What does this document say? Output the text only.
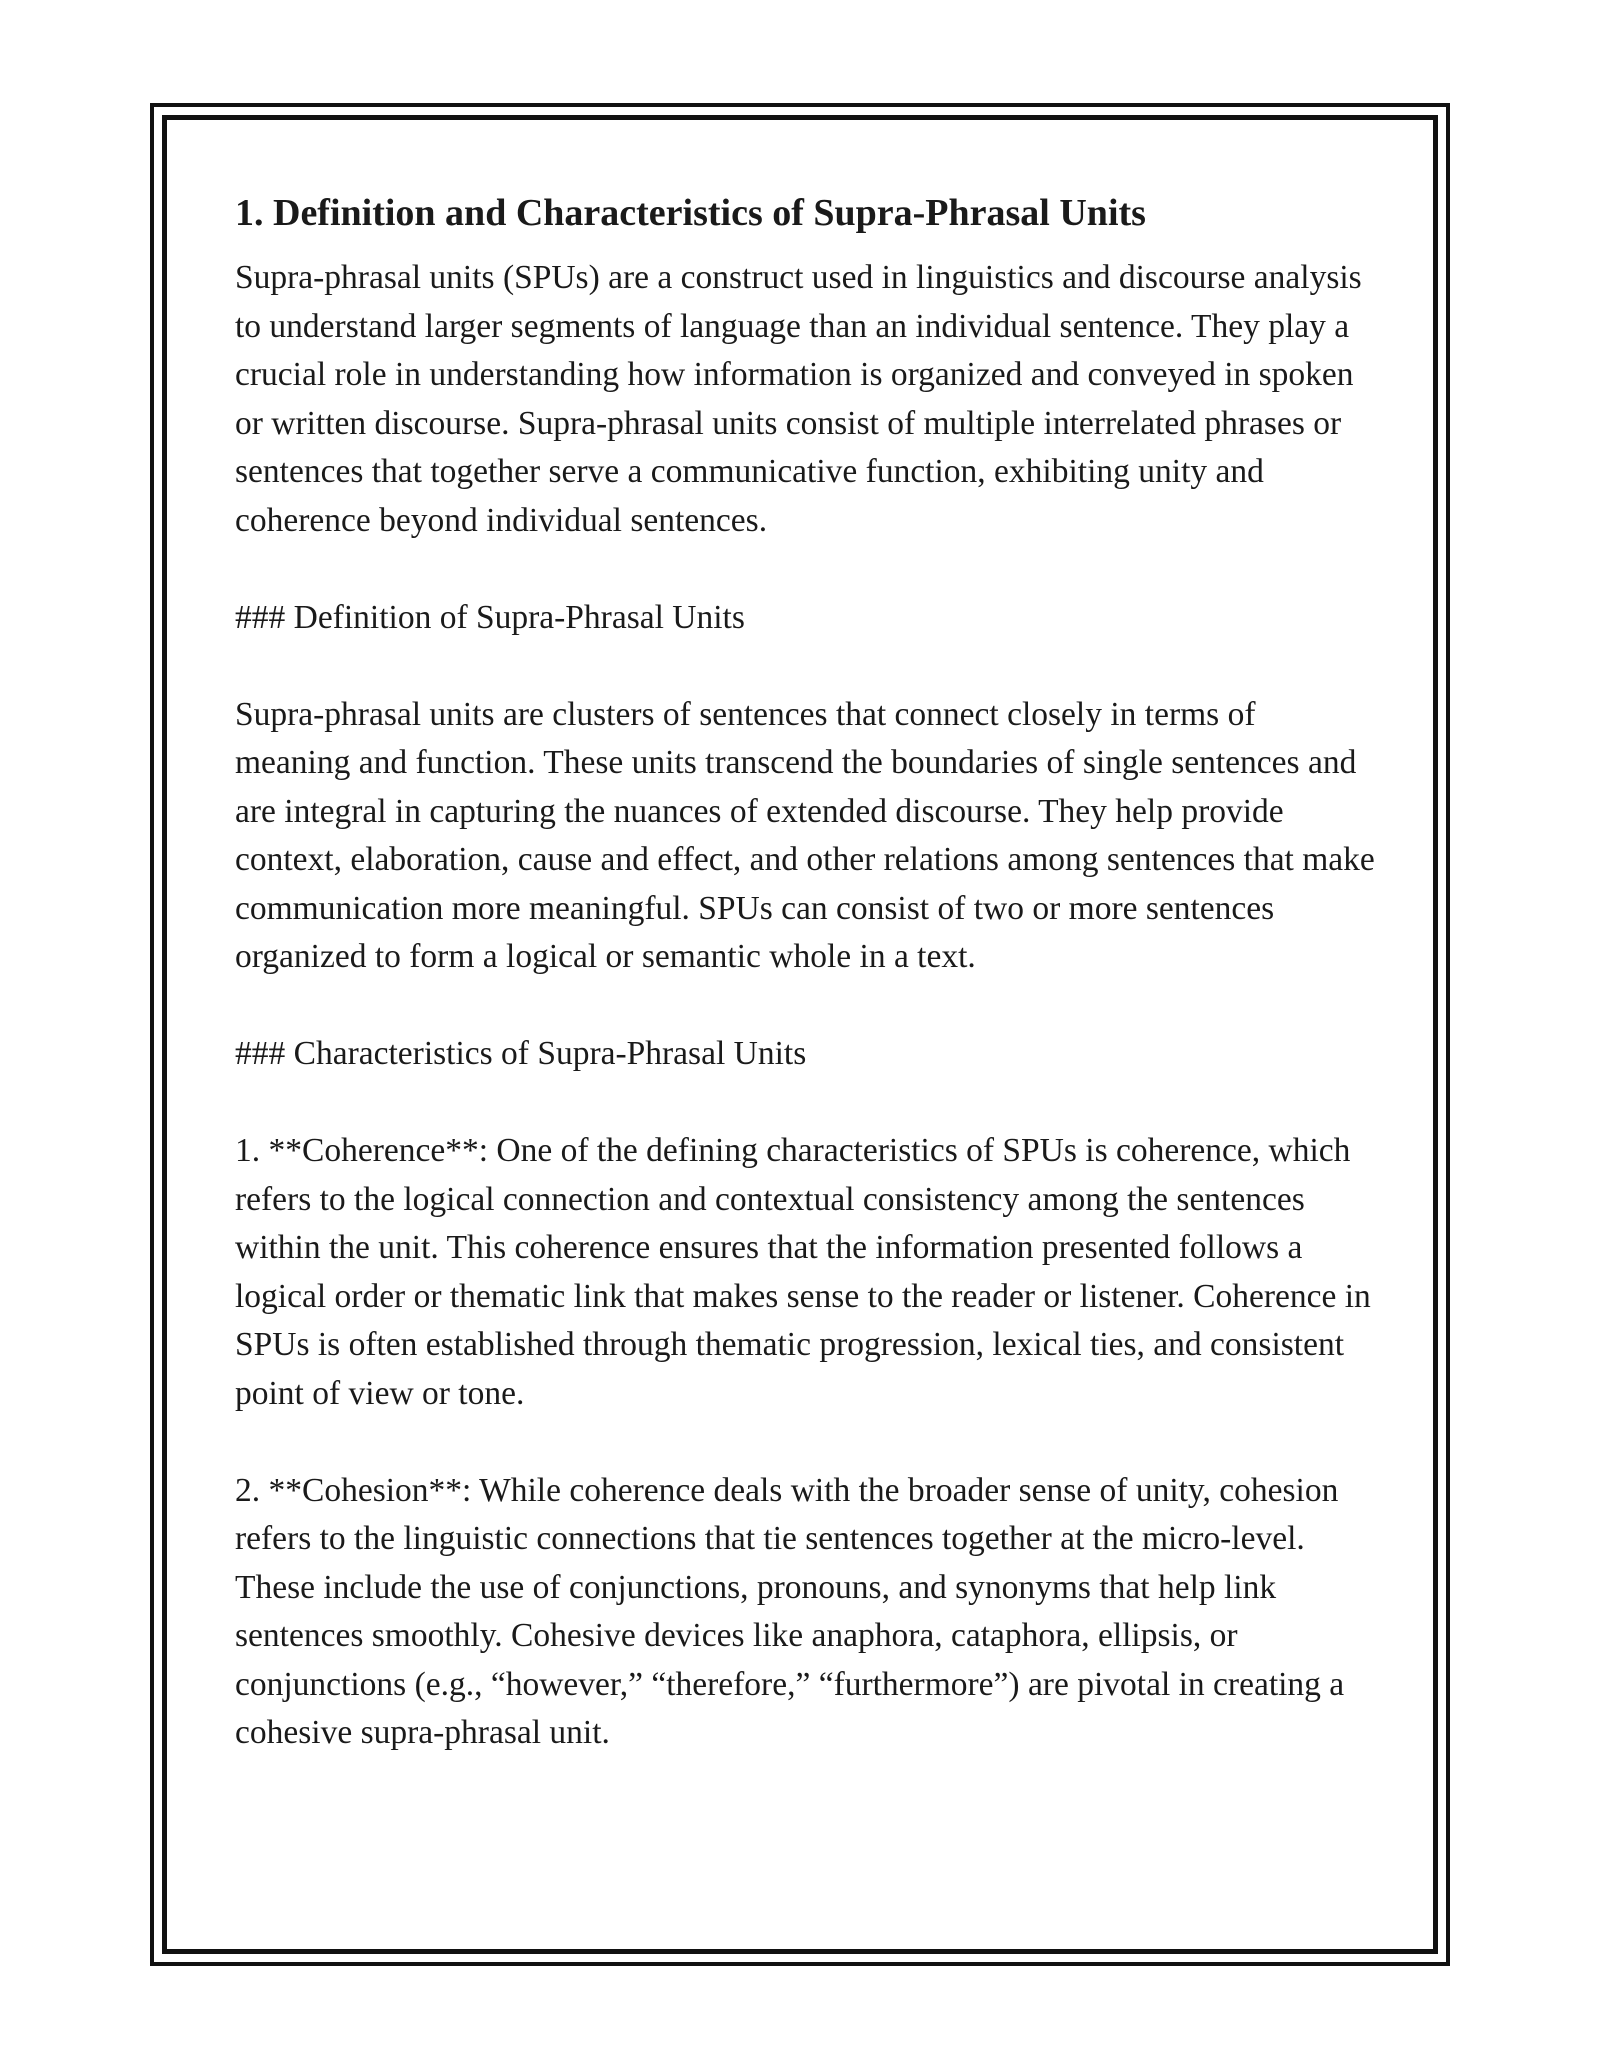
1. Definition and Characteristics of Supra-Phrasal Units

Supra-phrasal units (SPUs) are a construct used in linguistics and discourse analysis to understand larger segments of language than an individual sentence. They play a crucial role in understanding how information is organized and conveyed in spoken or written discourse. Supra-phrasal units consist of multiple interrelated phrases or sentences that together serve a communicative function, exhibiting unity and coherence beyond individual sentences.

### Definition of Supra-Phrasal Units

Supra-phrasal units are clusters of sentences that connect closely in terms of meaning and function. These units transcend the boundaries of single sentences and are integral in capturing the nuances of extended discourse. They help provide context, elaboration, cause and effect, and other relations among sentences that make communication more meaningful. SPUs can consist of two or more sentences organized to form a logical or semantic whole in a text.

### Characteristics of Supra-Phrasal Units

1. **Coherence**: One of the defining characteristics of SPUs is coherence, which refers to the logical connection and contextual consistency among the sentences within the unit. This coherence ensures that the information presented follows a logical order or thematic link that makes sense to the reader or listener. Coherence in SPUs is often established through thematic progression, lexical ties, and consistent point of view or tone.

2. **Cohesion**: While coherence deals with the broader sense of unity, cohesion refers to the linguistic connections that tie sentences together at the micro-level. These include the use of conjunctions, pronouns, and synonyms that help link sentences smoothly. Cohesive devices like anaphora, cataphora, ellipsis, or conjunctions (e.g., “however,” “therefore,” “furthermore”) are pivotal in creating a cohesive supra-phrasal unit.
